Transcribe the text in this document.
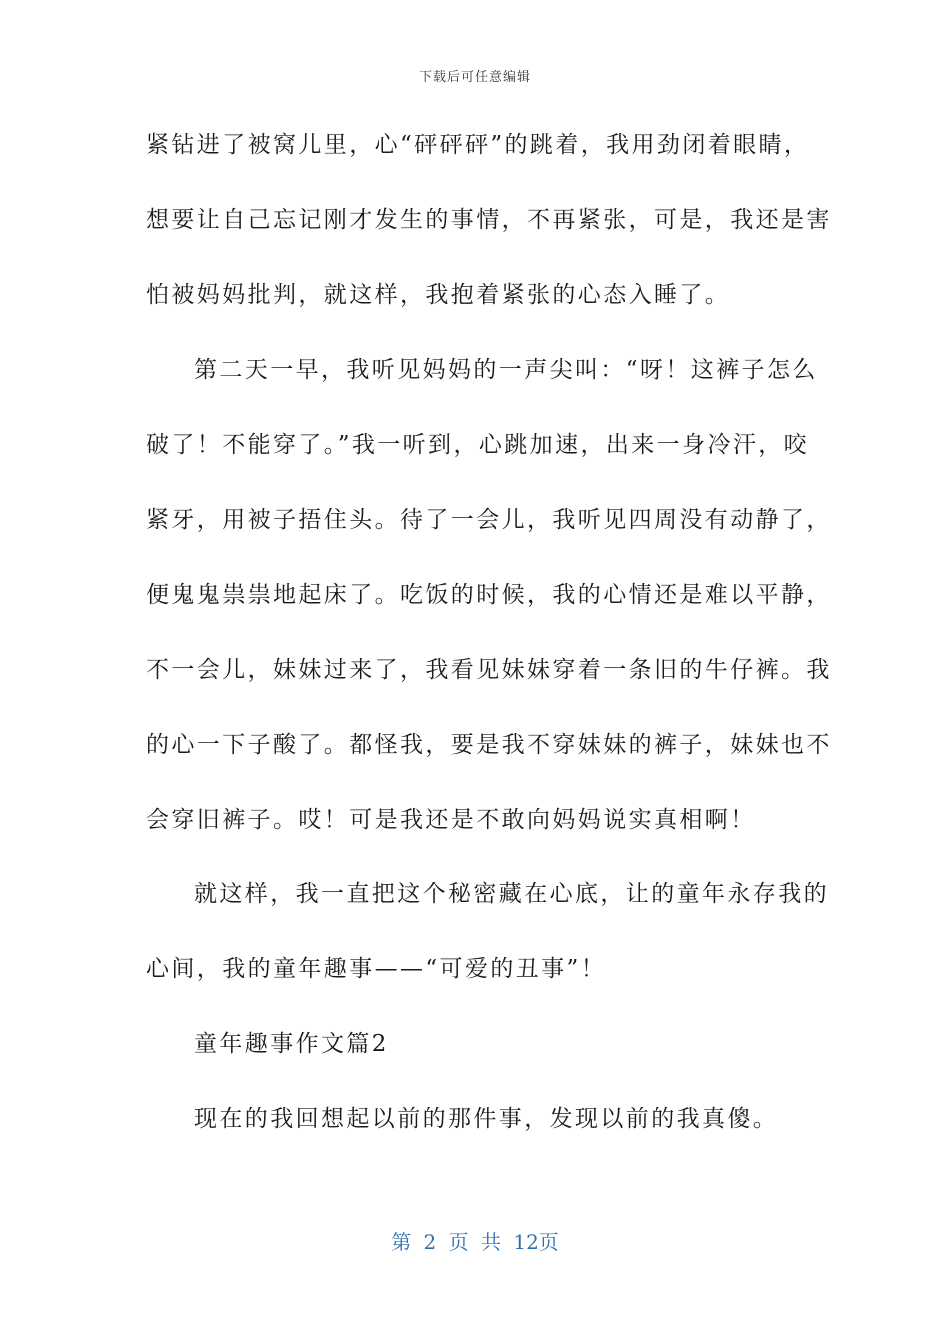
下载后可任意编辑
紧钻进了被窝儿里，心“砰砰砰”的跳着，我用劲闭着眼睛，
想要让自己忘记刚才发生的事情，不再紧张，可是，我还是害
怕被妈妈批判，就这样，我抱着紧张的心态入睡了。
第二天一早，我听见妈妈的一声尖叫：“呀！这裤子怎么
破了！不能穿了。”我一听到，心跳加速，出来一身冷汗，咬
紧牙，用被子捂住头。待了一会儿，我听见四周没有动静了，
便鬼鬼祟祟地起床了。吃饭的时候，我的心情还是难以平静，
不一会儿，妹妹过来了，我看见妹妹穿着一条旧的牛仔裤。我
的心一下子酸了。都怪我，要是我不穿妹妹的裤子，妹妹也不
会穿旧裤子。哎！可是我还是不敢向妈妈说实真相啊！
就这样，我一直把这个秘密藏在心底，让的童年永存我的
心间，我的童年趣事——“可爱的丑事”！
童年趣事作文篇2
现在的我回想起以前的那件事，发现以前的我真傻。
第 2 页 共 12页
